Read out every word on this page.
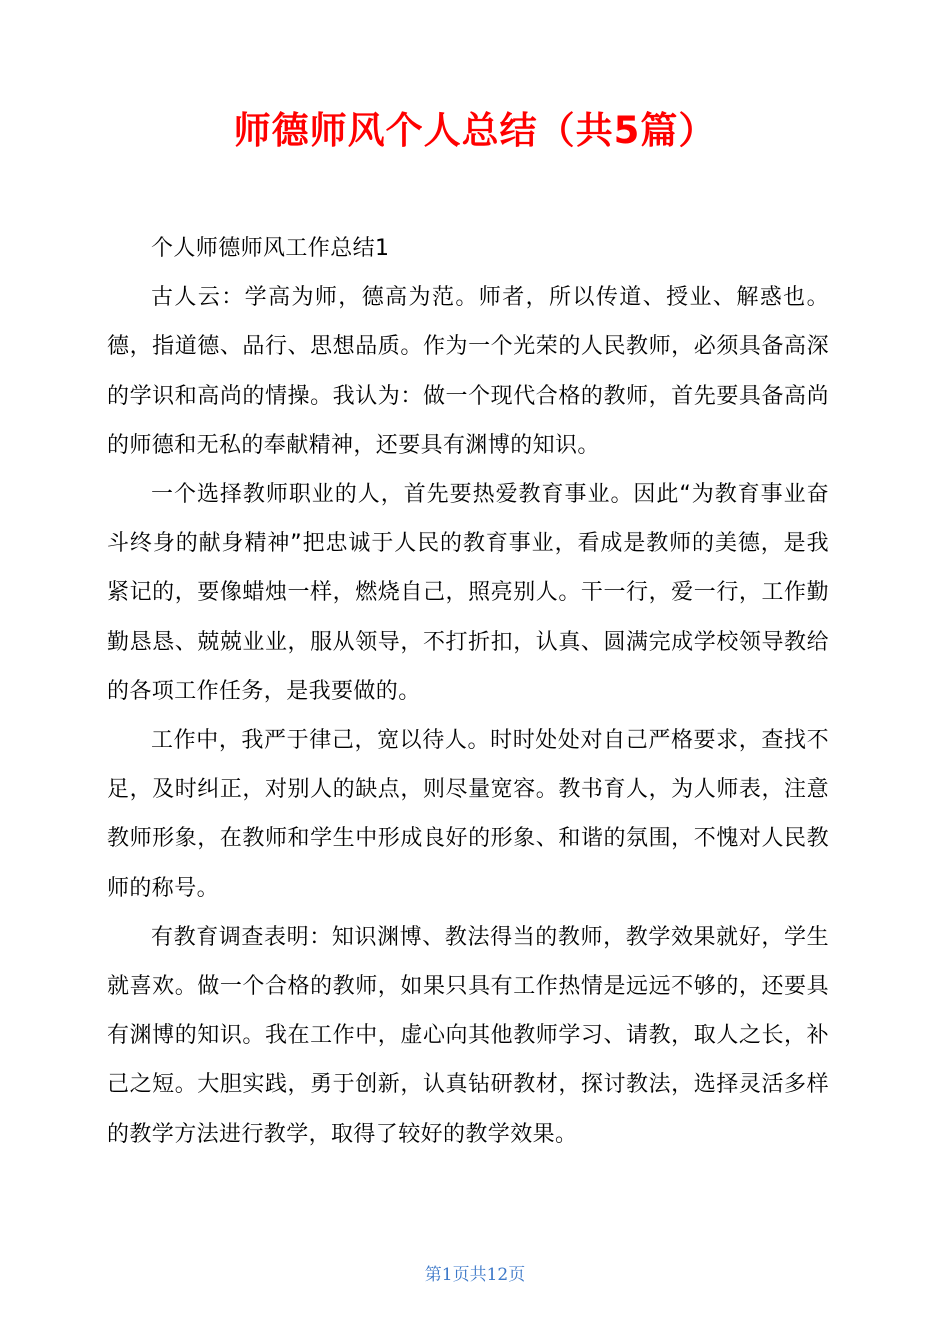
师德师风个人总结（共5篇）

个人师德师风工作总结1

古人云：学高为师，德高为范。师者，所以传道、授业、解惑也。德，指道德、品行、思想品质。作为一个光荣的人民教师，必须具备高深的学识和高尚的情操。我认为：做一个现代合格的教师，首先要具备高尚的师德和无私的奉献精神，还要具有渊博的知识。

一个选择教师职业的人，首先要热爱教育事业。因此“为教育事业奋斗终身的献身精神”把忠诚于人民的教育事业，看成是教师的美德，是我紧记的，要像蜡烛一样，燃烧自己，照亮别人。干一行，爱一行，工作勤勤恳恳、兢兢业业，服从领导，不打折扣，认真、圆满完成学校领导教给的各项工作任务，是我要做的。

工作中，我严于律己，宽以待人。时时处处对自己严格要求，查找不足，及时纠正，对别人的缺点，则尽量宽容。教书育人，为人师表，注意教师形象，在教师和学生中形成良好的形象、和谐的氛围，不愧对人民教师的称号。

有教育调查表明：知识渊博、教法得当的教师，教学效果就好，学生就喜欢。做一个合格的教师，如果只具有工作热情是远远不够的，还要具有渊博的知识。我在工作中，虚心向其他教师学习、请教，取人之长，补己之短。大胆实践，勇于创新，认真钻研教材，探讨教法，选择灵活多样的教学方法进行教学，取得了较好的教学效果。

第1页共12页
